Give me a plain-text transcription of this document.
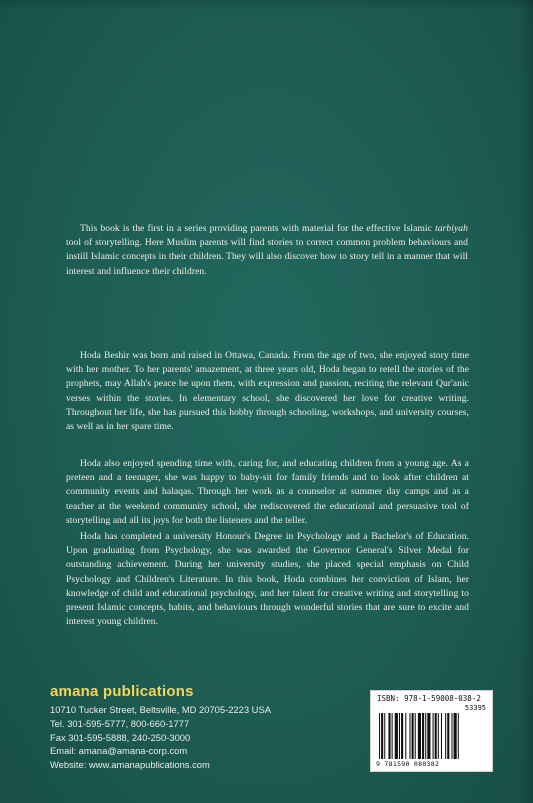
This book is the first in a series providing parents with material for the effective Islamic tarbiyah tool of storytelling. Here Muslim parents will find stories to correct common problem behaviours and instill Islamic concepts in their children. They will also discover how to story tell in a manner that will interest and influence their children.
Hoda Beshir was born and raised in Ottawa, Canada. From the age of two, she enjoyed story time with her mother. To her parents' amazement, at three years old, Hoda began to retell the stories of the prophets, may Allah's peace be upon them, with expression and passion, reciting the relevant Qur'anic verses within the stories. In elementary school, she discovered her love for creative writing. Throughout her life, she has pursued this hobby through schooling, workshops, and university courses, as well as in her spare time.
Hoda also enjoyed spending time with, caring for, and educating children from a young age. As a preteen and a teenager, she was happy to baby-sit for family friends and to look after children at community events and halaqas. Through her work as a counselor at summer day camps and as a teacher at the weekend community school, she rediscovered the educational and persuasive tool of storytelling and all its joys for both the listeners and the teller.
Hoda has completed a university Honour's Degree in Psychology and a Bachelor's of Education. Upon graduating from Psychology, she was awarded the Governor General's Silver Medal for outstanding achievement. During her university studies, she placed special emphasis on Child Psychology and Children's Literature. In this book, Hoda combines her conviction of Islam, her knowledge of child and educational psychology, and her talent for creative writing and storytelling to present Islamic concepts, habits, and behaviours through wonderful stories that are sure to excite and interest young children.
amana publications
10710 Tucker Street, Beltsville, MD 20705-2223 USA
Tel. 301-595-5777, 800-660-1777
Fax 301-595-5888, 240-250-3000
Email: amana@amana-corp.com
Website: www.amanapublications.com
ISBN: 978-1-59008-038-2
53395
9 781590 080382
